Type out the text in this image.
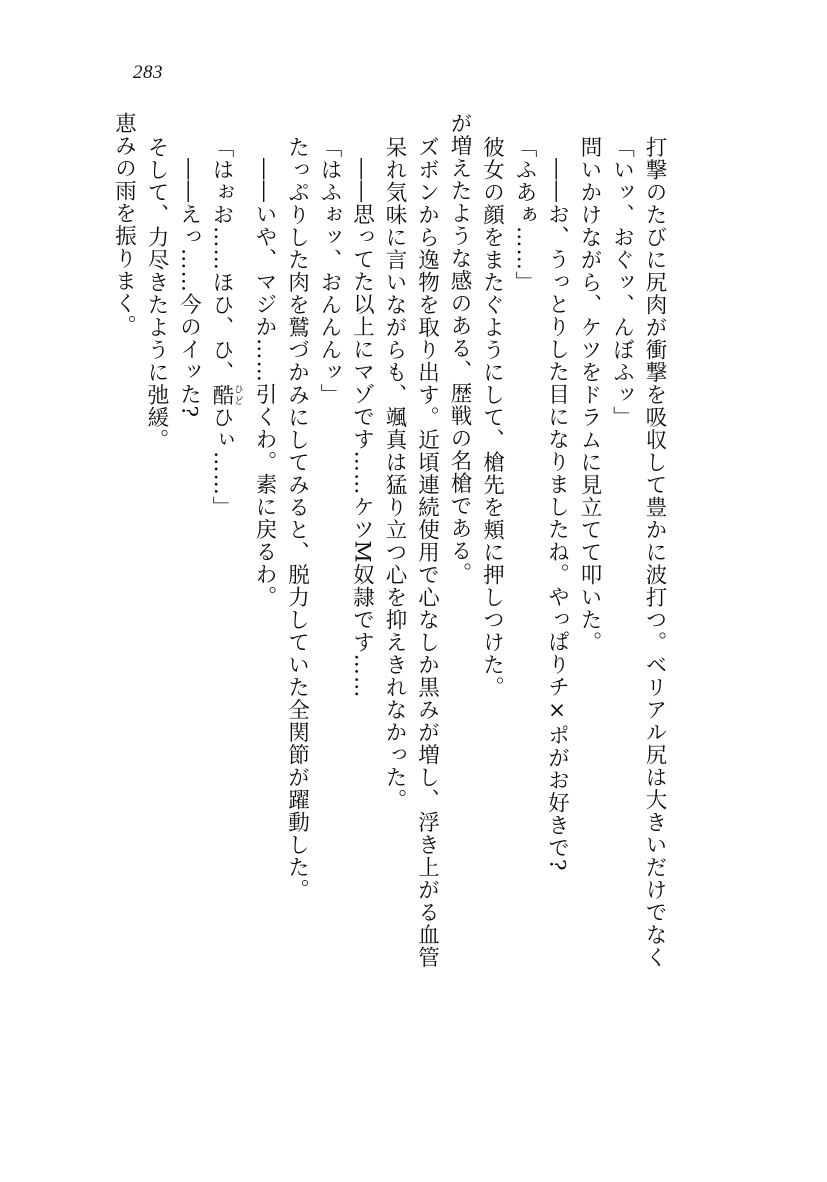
283
恵みの雨を振りまく。 そして、力尽きたように弛緩。 ――えっ……今のイッた? 「はぉお……ほひ、ひ、酷ひどひぃ……」 ――いや、マジか……引くわ。素に戻るわ。 たっぷりした肉を鷲づかみにしてみると、脱力していた全関節が躍動した。 「はふぉッ、おんんんッ」 ――思ってた以上にマゾです……ケツM奴隷です…… 呆れ気味に言いながらも、颯真は猛り立つ心を抑えきれなかった。 ズボンから逸物を取り出す。近頃連続使用で心なしか黒みが増し、浮き上がる血管 が増えたような感のある、歴戦の名槍である。 彼女の顔をまたぐようにして、槍先を頬に押しつけた。 「ふあぁ……」 ――お、うっとりした目になりましたね。やっぱりチ×ポがお好きで? 問いかけながら、ケツをドラムに見立てて叩いた。 「いッ、おぐッ、んぼふッ」 打撃のたびに尻肉が衝撃を吸収して豊かに波打つ。ベリアル尻は大きいだけでなく
